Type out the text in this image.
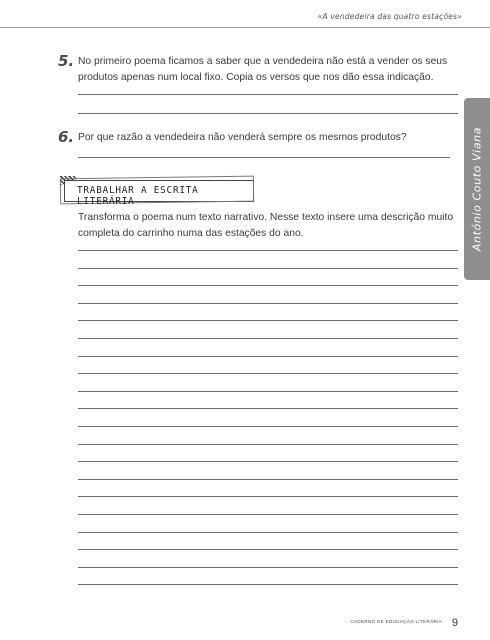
«A vendedeira das quatro estações»
5. No primeiro poema ficamos a saber que a vendedeira não está a vender os seus produtos apenas num local fixo. Copia os versos que nos dão essa indicação.
6. Por que razão a vendedeira não venderá sempre os mesmos produtos?	António Couto Viana
TRABALHAR A ESCRITA LITERÁRIA
Transforma o poema num texto narrativo. Nesse texto insere uma descrição muito completa do carrinho numa das estações do ano.
CADERNO DE EDUCAÇÃO LITERÁRIA 9
